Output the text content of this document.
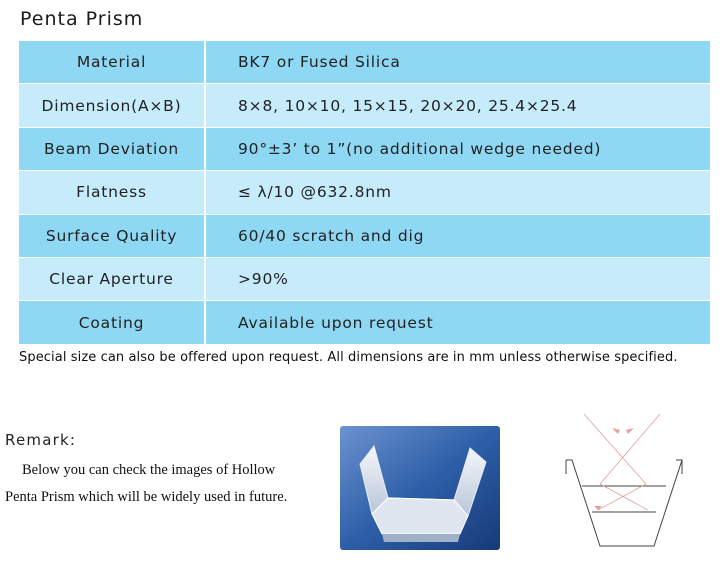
Penta Prism
Material	BK7 or Fused Silica
Dimension(A×B)	8×8, 10×10, 15×15, 20×20, 25.4×25.4
Beam Deviation	90°±3’ to 1”(no additional wedge needed)
Flatness	≤ λ/10 @632.8nm
Surface Quality	60/40 scratch and dig
Clear Aperture	>90%
Coating	Available upon request
Special size can also be offered upon request. All dimensions are in mm unless otherwise specified.
Remark:
Below you can check the images of Hollow Penta Prism which will be widely used in future.
